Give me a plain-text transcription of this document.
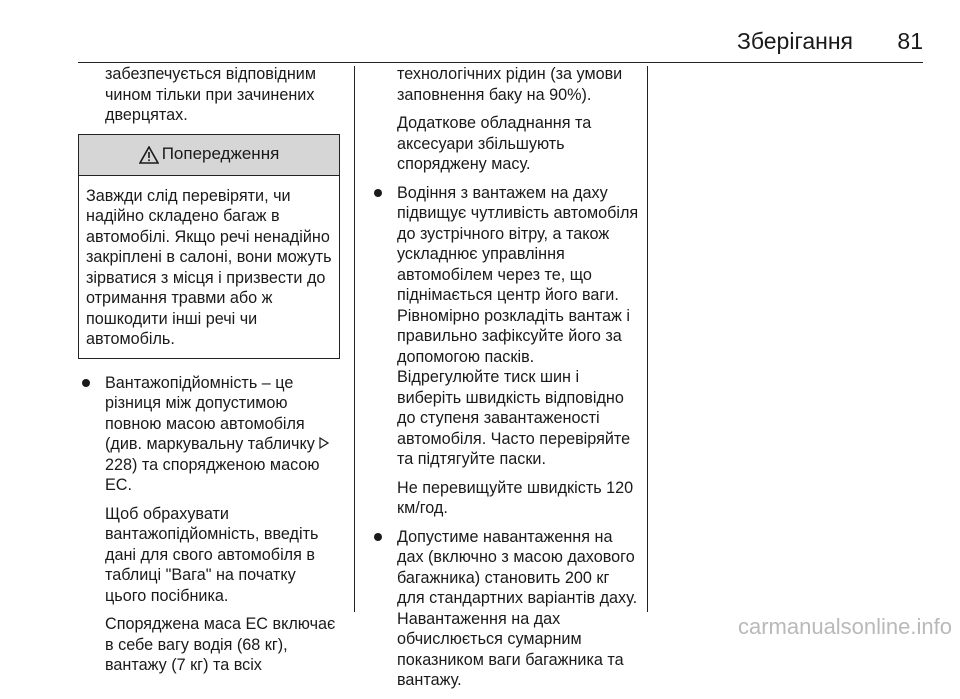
Зберігання 81

забезпечується відповідним чином тільки при зачинених дверцятах.

Попередження

Завжди слід перевіряти, чи надійно складено багаж в автомобілі. Якщо речі ненадійно закріплені в салоні, вони можуть зірватися з місця і призвести до отримання травми або ж пошкодити інші речі чи автомобіль.

Вантажопідйомність – це різниця між допустимою повною масою автомобіля (див. маркувальну табличку 228) та спорядженою масою ЕС.

Щоб обрахувати вантажопідйомність, введіть дані для свого автомобіля в таблиці "Вага" на початку цього посібника.

Споряджена маса ЕС включає в себе вагу водія (68 кг), вантажу (7 кг) та всіх

технологічних рідин (за умови заповнення баку на 90%).

Додаткове обладнання та аксесуари збільшують споряджену масу.

Водіння з вантажем на даху підвищує чутливість автомобіля до зустрічного вітру, а також ускладнює управління автомобілем через те, що піднімається центр його ваги. Рівномірно розкладіть вантаж і правильно зафіксуйте його за допомогою пасків. Відрегулюйте тиск шин і виберіть швидкість відповідно до ступеня завантаженості автомобіля. Часто перевіряйте та підтягуйте паски.

Не перевищуйте швидкість 120 км/год.

Допустиме навантаження на дах (включно з масою дахового багажника) становить 200 кг для стандартних варіантів даху. Навантаження на дах обчислюється сумарним показником ваги багажника та вантажу.

carmanualsonline.info
